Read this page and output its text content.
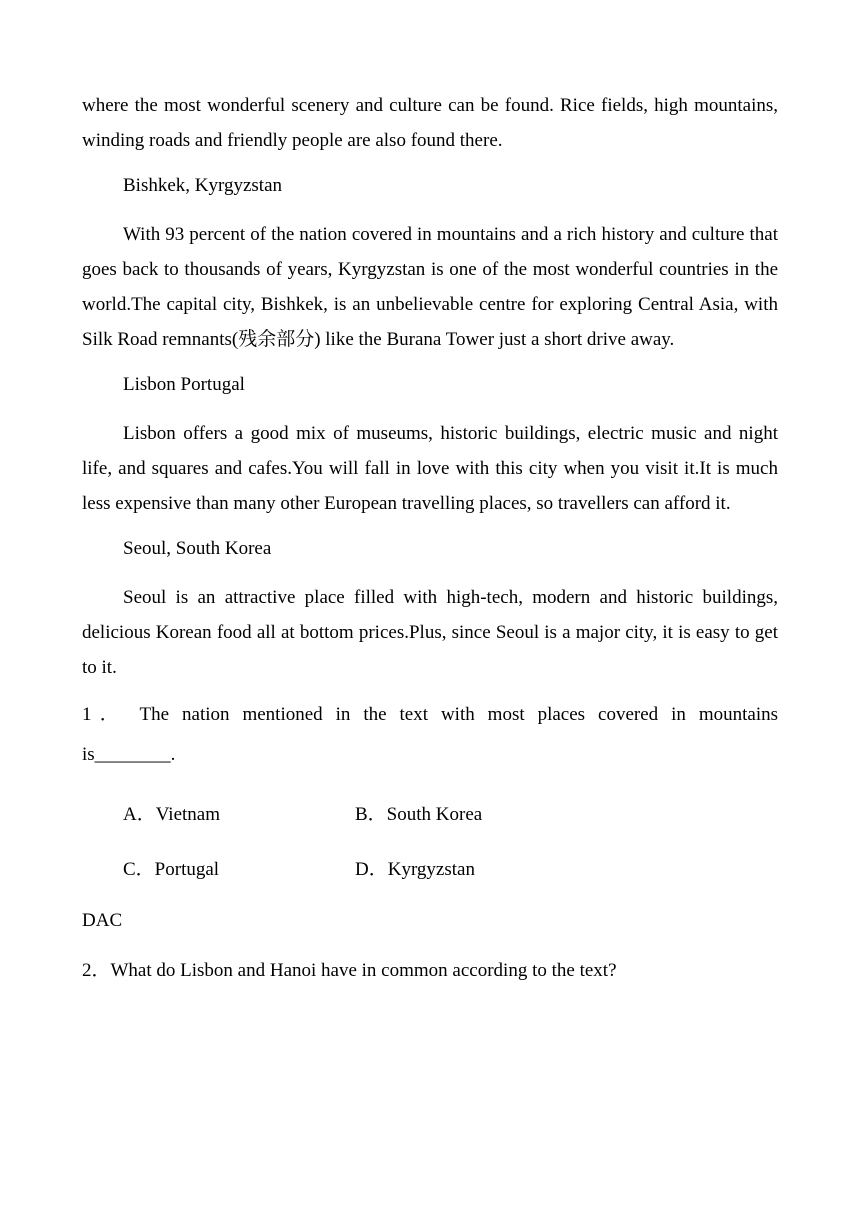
where the most wonderful scenery and culture can be found. Rice fields, high mountains, winding roads and friendly people are also found there.

Bishkek, Kyrgyzstan

With 93 percent of the nation covered in mountains and a rich history and culture that goes back to thousands of years, Kyrgyzstan is one of the most wonderful countries in the world.The capital city, Bishkek, is an unbelievable centre for exploring Central Asia, with Silk Road remnants(残余部分) like the Burana Tower just a short drive away.

Lisbon Portugal

Lisbon offers a good mix of museums, historic buildings, electric music and night life, and squares and cafes.You will fall in love with this city when you visit it.It is much less expensive than many other European travelling places, so travellers can afford it.

Seoul, South Korea

Seoul is an attractive place filled with high-tech, modern and historic buildings, delicious Korean food all at bottom prices.Plus, since Seoul is a major city, it is easy to get to it.

1． The nation mentioned in the text with most places covered in mountains
is________.
A．Vietnam	B．South Korea
C．Portugal	D．Kyrgyzstan
DAC
2．What do Lisbon and Hanoi have in common according to the text?
